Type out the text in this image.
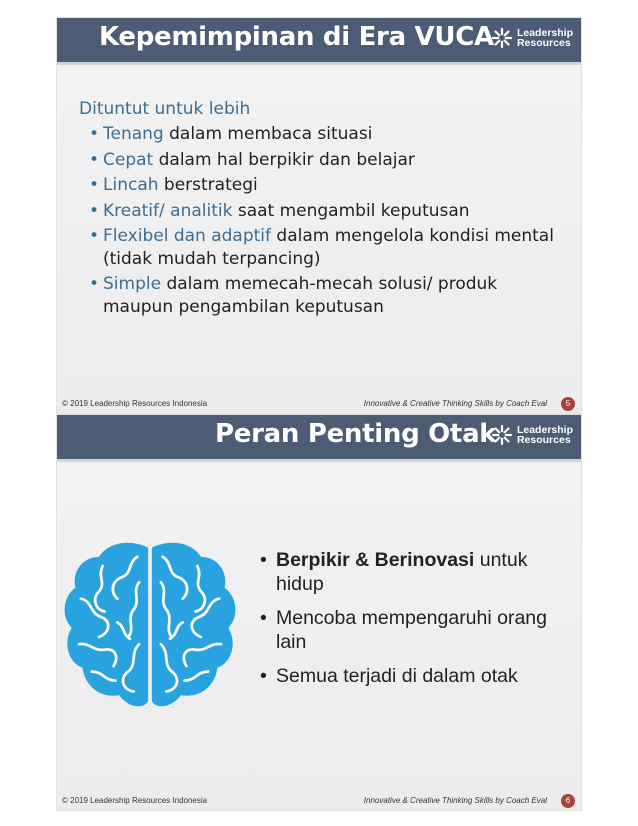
Kepemimpinan di Era VUCA Leadership
Resources
Dituntut untuk lebih
• Tenang dalam membaca situasi
• Cepat dalam hal berpikir dan belajar
• Lincah berstrategi
• Kreatif/ analitik saat mengambil keputusan
• Flexibel dan adaptif dalam mengelola kondisi mental (tidak mudah terpancing)
• Simple dalam memecah-mecah solusi/ produk maupun pengambilan keputusan
© 2019 Leadership Resources Indonesia	Innovative & Creative Thinking Skills by Coach Eval	5
Peran Penting Otak Leadership
Resources
• Berpikir & Berinovasi untuk hidup
• Mencoba mempengaruhi orang lain
• Semua terjadi di dalam otak
© 2019 Leadership Resources Indonesia	Innovative & Creative Thinking Skills by Coach Eval	6
